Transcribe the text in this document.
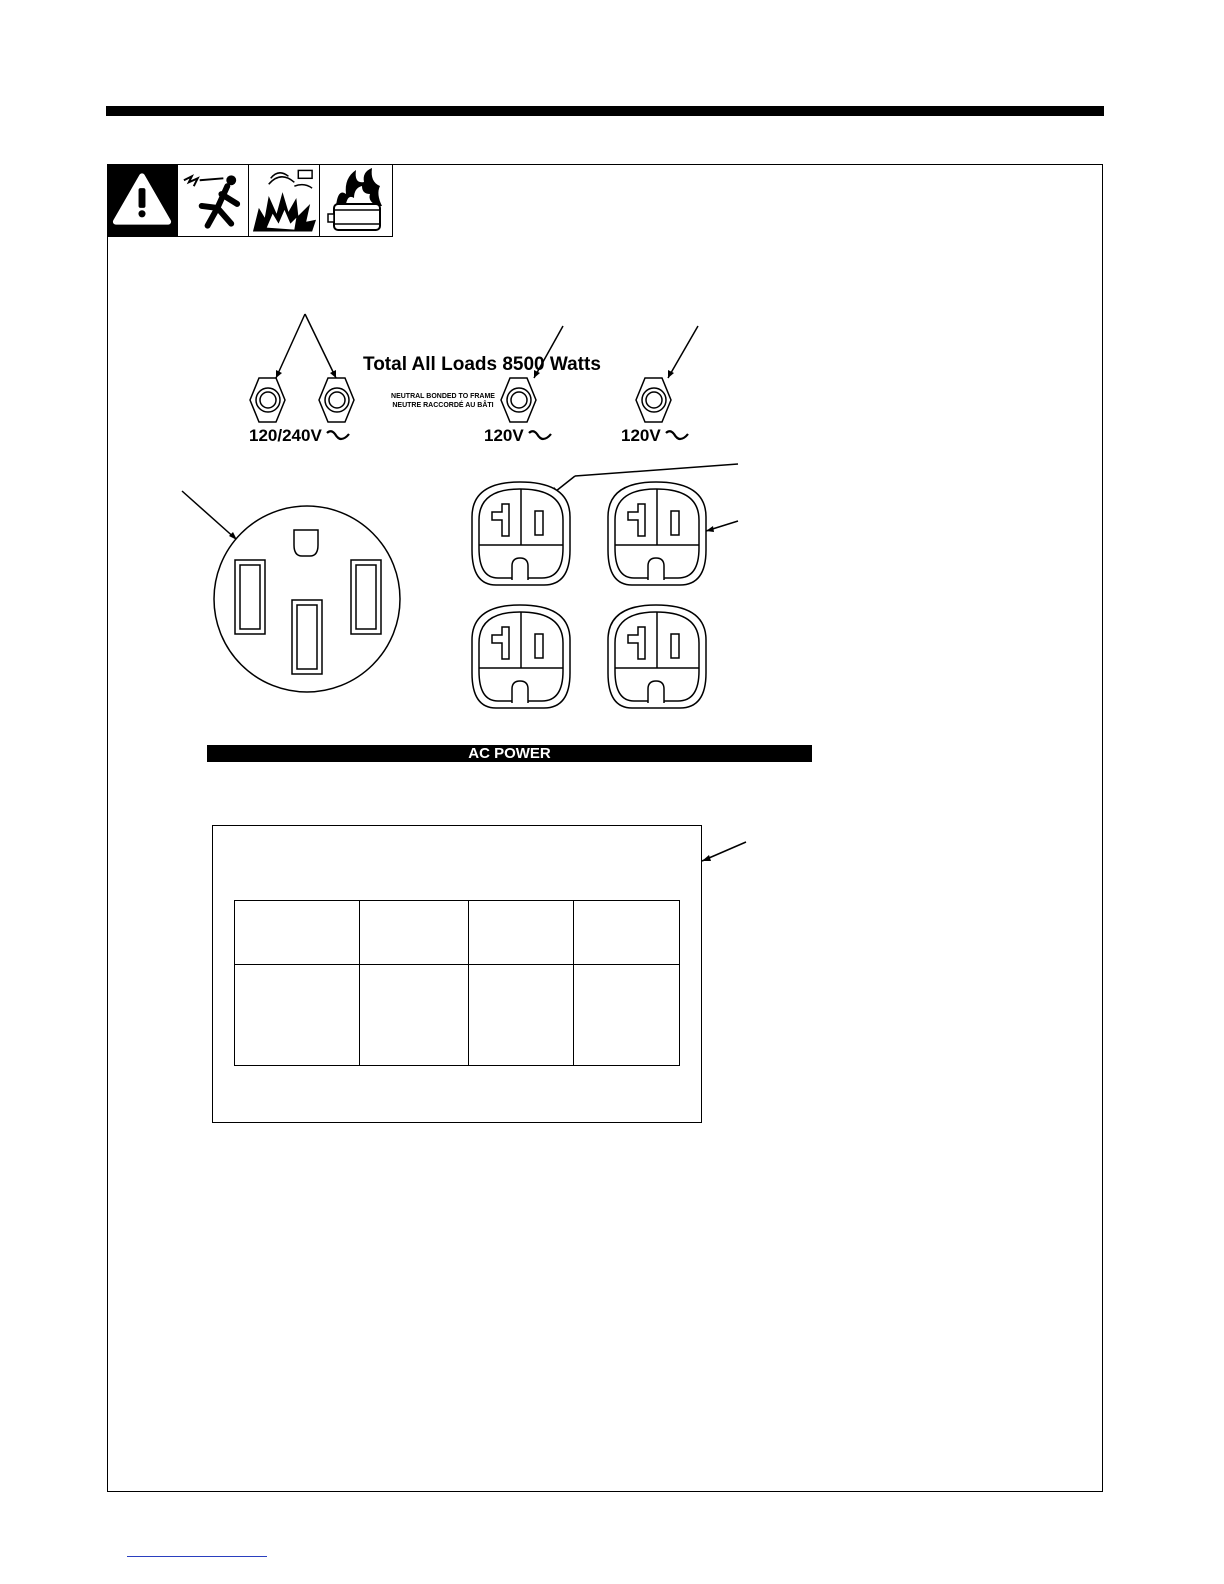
Total All Loads 8500 Watts
NEUTRAL BONDED TO FRAME
NEUTRE RACCORDÉ AU BÂTI
120/240V	120V	120V
AC POWER
